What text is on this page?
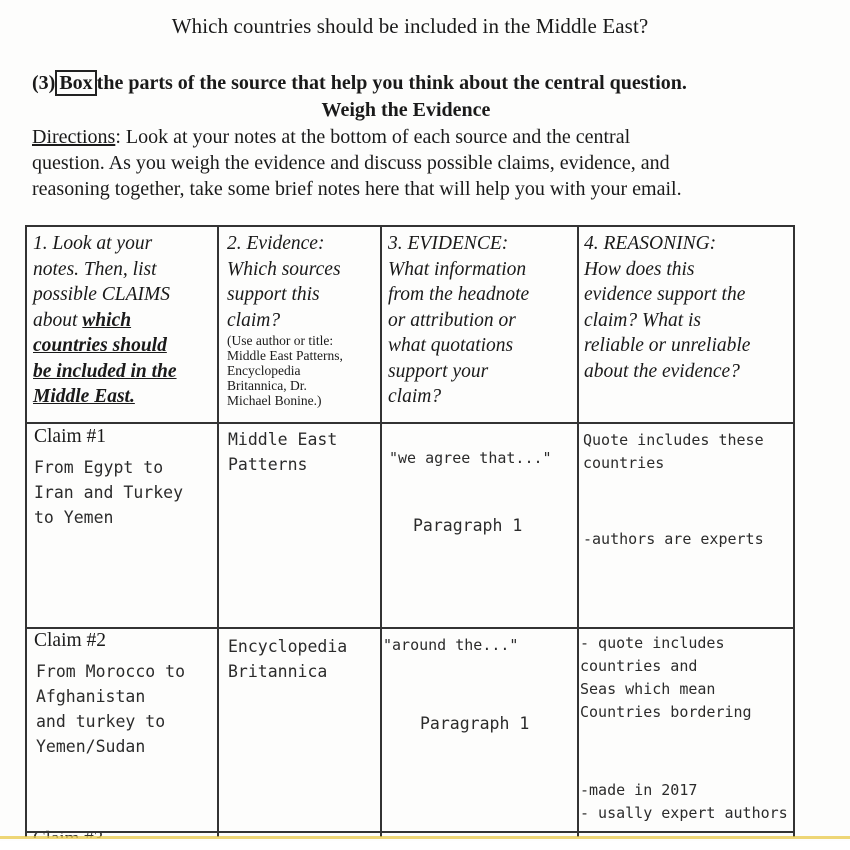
Which countries should be included in the Middle East?
(3) Box the parts of the source that help you think about the central question.
Weigh the Evidence
Directions: Look at your notes at the bottom of each source and the central
question. As you weigh the evidence and discuss possible claims, evidence, and
reasoning together, take some brief notes here that will help you with your email.
1. Look at your
notes. Then, list
possible CLAIMS
about which
countries should
be included in the
Middle East.
2. Evidence:
Which sources
support this
claim?
(Use author or title:
Middle East Patterns,
Encyclopedia
Britannica, Dr.
Michael Bonine.)
3. EVIDENCE:
What information
from the headnote
or attribution or
what quotations
support your
claim?
4. REASONING:
How does this
evidence support the
claim? What is
reliable or unreliable
about the evidence?
Claim #1
From Egypt to
Iran and Turkey
to Yemen
Middle East
Patterns	"we agree that..."
Paragraph 1
Quote includes these
countries
-authors are experts
Claim #2
From Morocco to
Afghanistan
and turkey to
Yemen/Sudan
Encyclopedia
Britannica
"around the..."
Paragraph 1
- quote includes
countries and
Seas which mean
Countries bordering
-made in 2017
- usally expert authors
